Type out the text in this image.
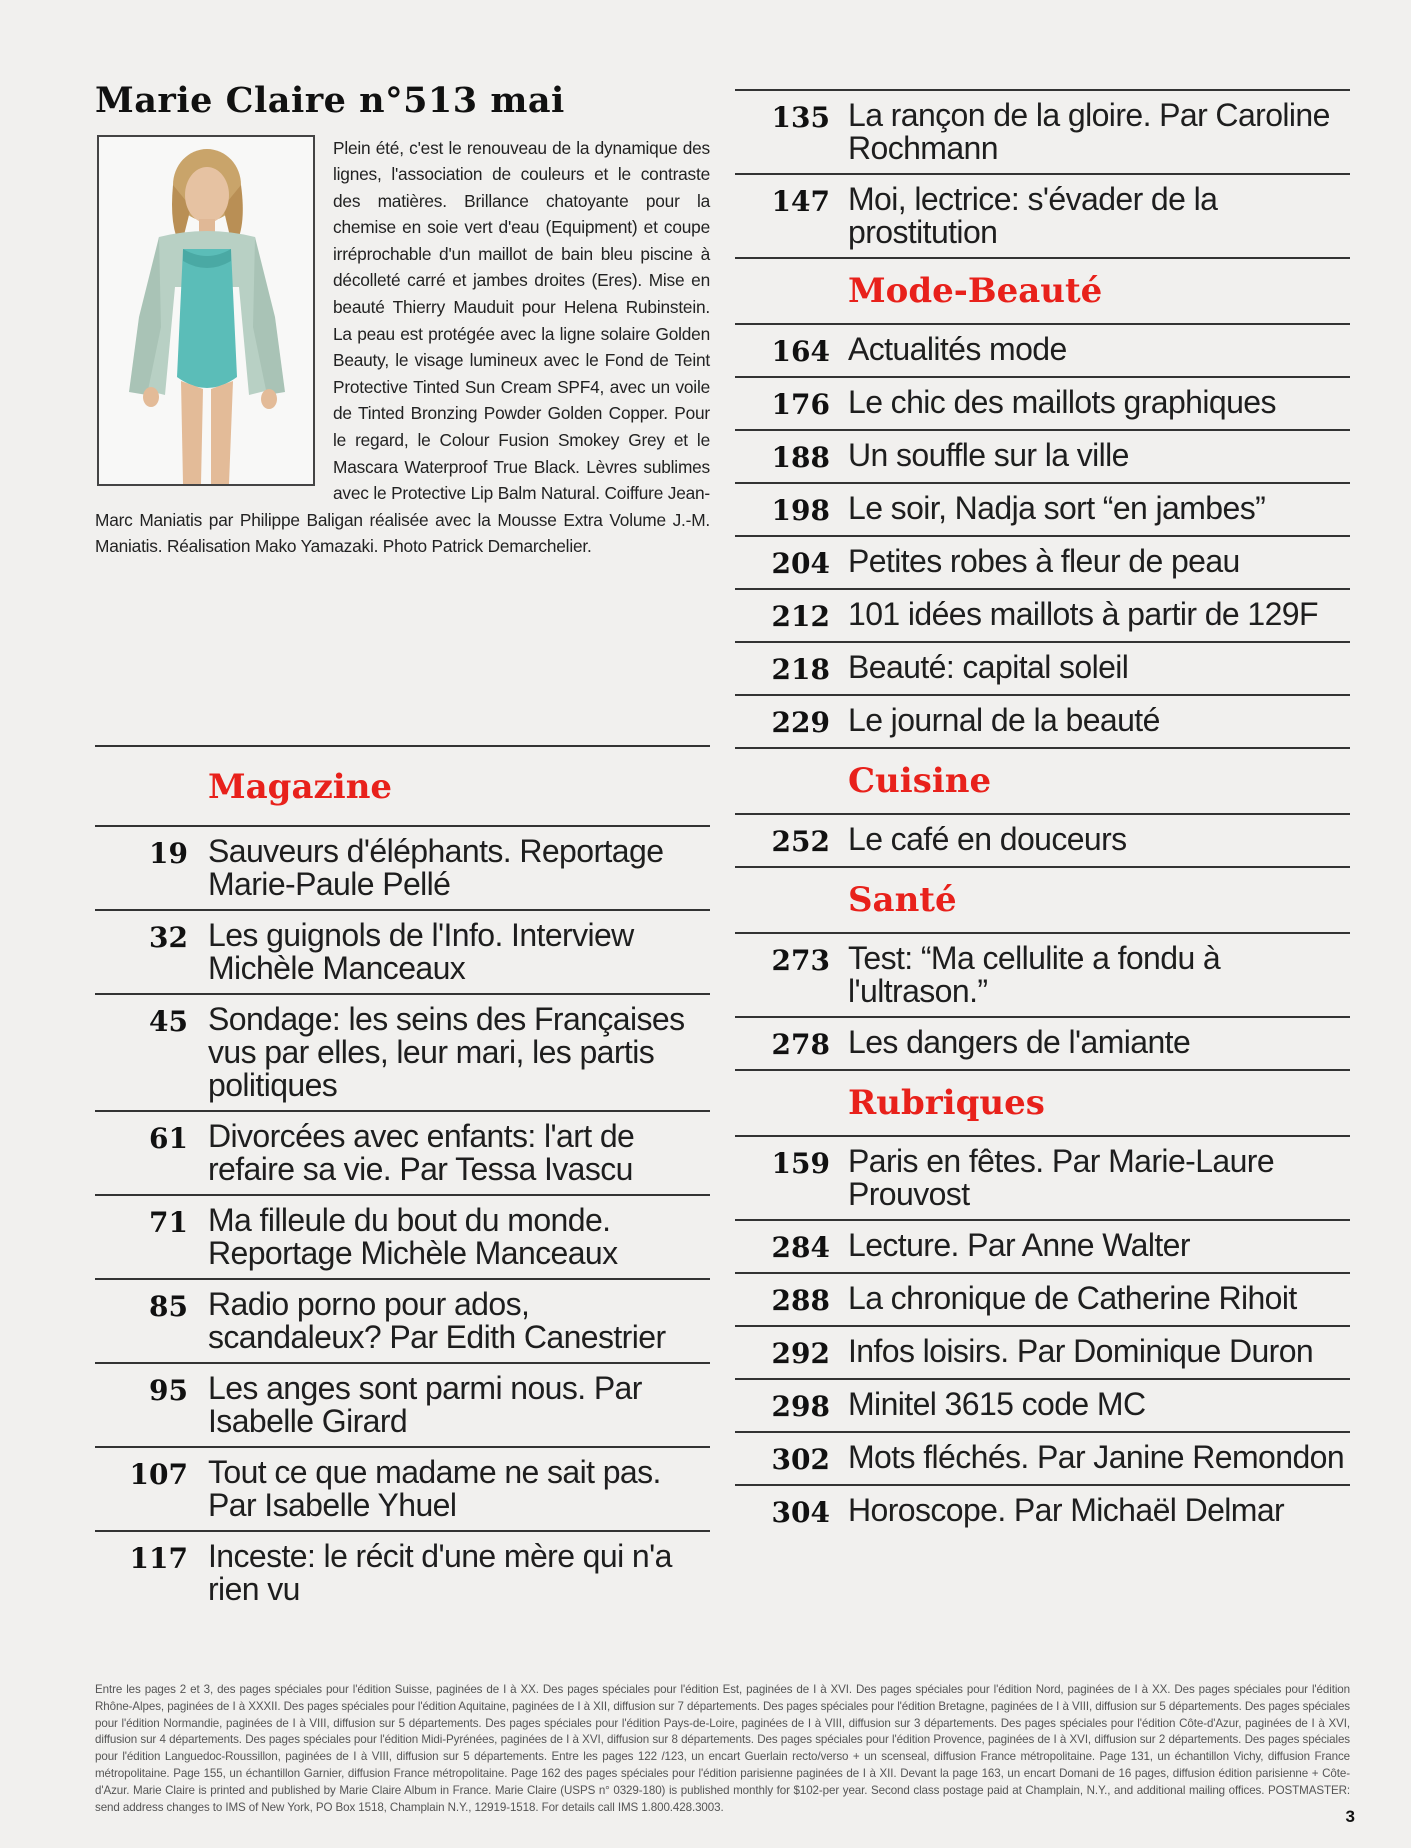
Marie Claire n°513 mai
Plein été, c'est le renouveau de la dynamique des lignes, l'association de couleurs et le contraste des matières. Brillance chatoyante pour la chemise en soie vert d'eau (Equipment) et coupe irréprochable d'un maillot de bain bleu piscine à décolleté carré et jambes droites (Eres). Mise en beauté Thierry Mauduit pour Helena Rubinstein. La peau est protégée avec la ligne solaire Golden Beauty, le visage lumineux avec le Fond de Teint Protective Tinted Sun Cream SPF4, avec un voile de Tinted Bronzing Powder Golden Copper. Pour le regard, le Colour Fusion Smokey Grey et le Mascara Waterproof True Black. Lèvres sublimes avec le Protective Lip Balm Natural. Coiffure Jean-Marc Maniatis par Philippe Baligan réalisée avec la Mousse Extra Volume J.-M. Maniatis. Réalisation Mako Yamazaki. Photo Patrick Demarchelier.
Magazine
19 Sauveurs d'éléphants. Reportage Marie-Paule Pellé
32 Les guignols de l'Info. Interview Michèle Manceaux
45 Sondage: les seins des Françaises vus par elles, leur mari, les partis politiques
61 Divorcées avec enfants: l'art de refaire sa vie. Par Tessa Ivascu
71 Ma filleule du bout du monde. Reportage Michèle Manceaux
85 Radio porno pour ados, scandaleux? Par Edith Canestrier
95 Les anges sont parmi nous. Par Isabelle Girard
107 Tout ce que madame ne sait pas. Par Isabelle Yhuel
117 Inceste: le récit d'une mère qui n'a rien vu
135 La rançon de la gloire. Par Caroline Rochmann
147 Moi, lectrice: s'évader de la prostitution
Mode-Beauté
164 Actualités mode
176 Le chic des maillots graphiques
188 Un souffle sur la ville
198 Le soir, Nadja sort “en jambes”
204 Petites robes à fleur de peau
212 101 idées maillots à partir de 129F
218 Beauté: capital soleil
229 Le journal de la beauté
Cuisine
252 Le café en douceurs
Santé
273 Test: “Ma cellulite a fondu à l'ultrason.”
278 Les dangers de l'amiante
Rubriques
159 Paris en fêtes. Par Marie-Laure Prouvost
284 Lecture. Par Anne Walter
288 La chronique de Catherine Rihoit
292 Infos loisirs. Par Dominique Duron
298 Minitel 3615 code MC
302 Mots fléchés. Par Janine Remondon
304 Horoscope. Par Michaël Delmar
Entre les pages 2 et 3, des pages spéciales pour l'édition Suisse, paginées de I à XX. Des pages spéciales pour l'édition Est, paginées de I à XVI. Des pages spéciales pour l'édition Nord, paginées de I à XX. Des pages spéciales pour l'édition Rhône-Alpes, paginées de I à XXXII. Des pages spéciales pour l'édition Aquitaine, paginées de I à XII, diffusion sur 7 départements. Des pages spéciales pour l'édition Bretagne, paginées de I à VIII, diffusion sur 5 départements. Des pages spéciales pour l'édition Normandie, paginées de I à VIII, diffusion sur 5 départements. Des pages spéciales pour l'édition Pays-de-Loire, paginées de I à VIII, diffusion sur 3 départements. Des pages spéciales pour l'édition Côte-d'Azur, paginées de I à XVI, diffusion sur 4 départements. Des pages spéciales pour l'édition Midi-Pyrénées, paginées de I à XVI, diffusion sur 8 départements. Des pages spéciales pour l'édition Provence, paginées de I à XVI, diffusion sur 2 départements. Des pages spéciales pour l'édition Languedoc-Roussillon, paginées de I à VIII, diffusion sur 5 départements. Entre les pages 122 /123, un encart Guerlain recto/verso + un scenseal, diffusion France métropolitaine. Page 131, un échantillon Vichy, diffusion France métropolitaine. Page 155, un échantillon Garnier, diffusion France métropolitaine. Page 162 des pages spéciales pour l'édition parisienne paginées de I à XII. Devant la page 163, un encart Domani de 16 pages, diffusion édition parisienne + Côte-d'Azur. Marie Claire is printed and published by Marie Claire Album in France. Marie Claire (USPS n° 0329-180) is published monthly for $102-per year. Second class postage paid at Champlain, N.Y., and additional mailing offices. POSTMASTER: send address changes to IMS of New York, PO Box 1518, Champlain N.Y., 12919-1518. For details call IMS 1.800.428.3003.	3
